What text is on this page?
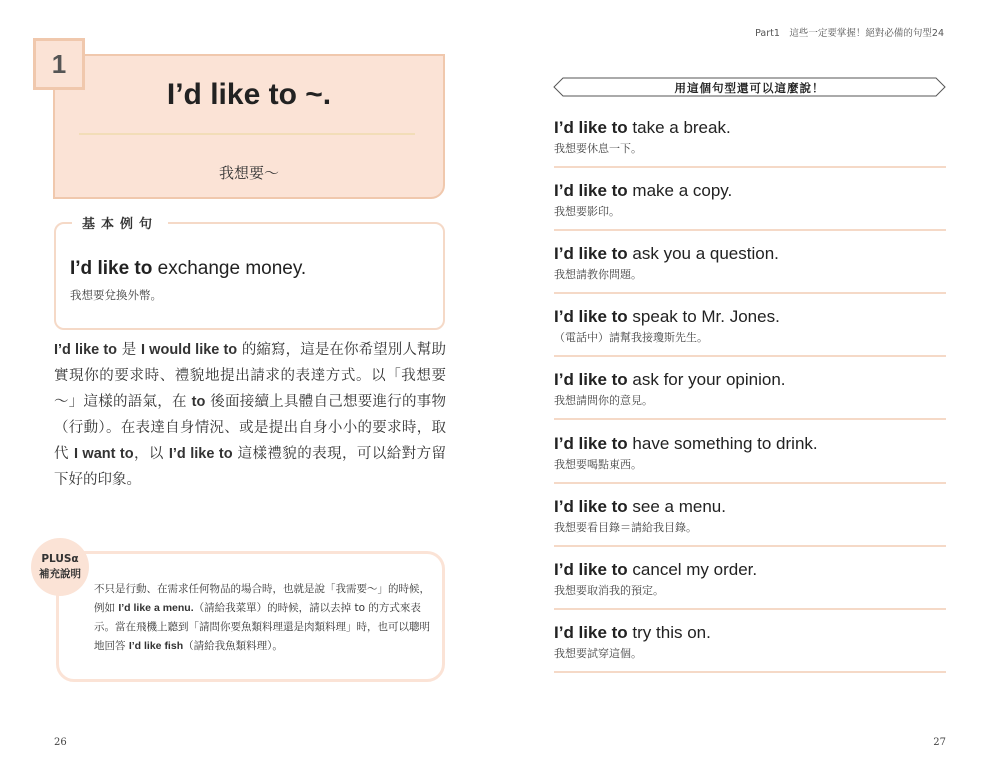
I’d like to ~.
我想要～
1
基本例句
I’d like to exchange money.
我想要兌換外幣。
I’d like to 是 I would like to 的縮寫，這是在你希望別人幫助實現你的要求時、禮貌地提出請求的表達方式。以「我想要～」這樣的語氣，在 to 後面接續上具體自己想要進行的事物（行動）。在表達自身情況、或是提出自身小小的要求時，取代 I want to，以 I’d like to 這樣禮貌的表現，可以給對方留下好的印象。
PLUSα
補充說明
不只是行動、在需求任何物品的場合時，也就是說「我需要～」的時候，例如 I’d like a menu.（請給我菜單）的時候，請以去掉 to 的方式來表示。當在飛機上聽到「請問你要魚類料理還是肉類料理」時，也可以聰明地回答 I’d like fish（請給我魚類料理）。
26
Part1　這些一定要掌握！絕對必備的句型24
用這個句型還可以這麼說！
I’d like to take a break.
我想要休息一下。
I’d like to make a copy.
我想要影印。
I’d like to ask you a question.
我想請教你問題。
I’d like to speak to Mr. Jones.
（電話中）請幫我接瓊斯先生。
I’d like to ask for your opinion.
我想請問你的意見。
I’d like to have something to drink.
我想要喝點東西。
I’d like to see a menu.
我想要看目錄＝請給我目錄。
I’d like to cancel my order.
我想要取消我的預定。
I’d like to try this on.
我想要試穿這個。
27
